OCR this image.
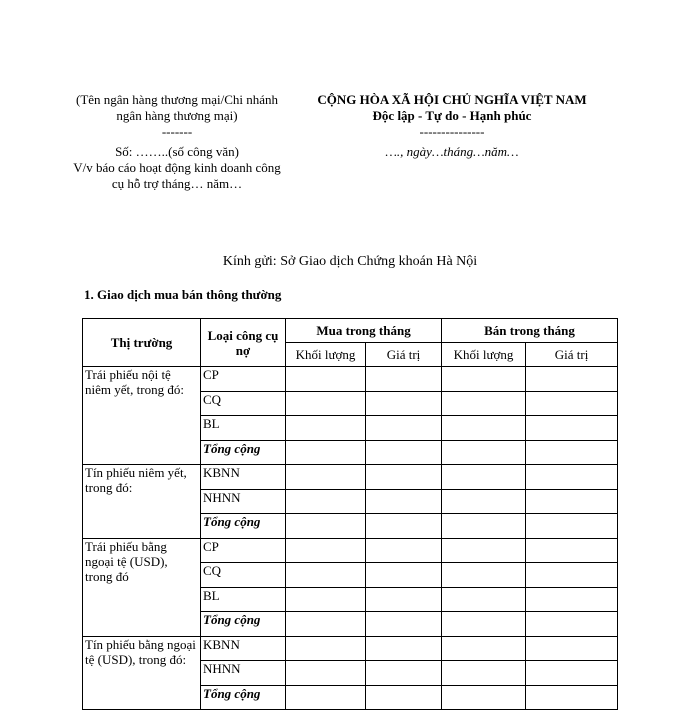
(Tên ngân hàng thương mại/Chi nhánh ngân hàng thương mại)
-------
Số: ……..(số công văn)
V/v báo cáo hoạt động kinh doanh công cụ hỗ trợ tháng… năm…
CỘNG HÒA XÃ HỘI CHỦ NGHĨA VIỆT NAM
Độc lập - Tự do - Hạnh phúc
---------------
…., ngày…tháng…năm…
Kính gửi: Sở Giao dịch Chứng khoán Hà Nội
1. Giao dịch mua bán thông thường
Thị trường	Loại công cụ nợ	Mua trong tháng		Bán trong tháng	
		Khối lượng	Giá trị	Khối lượng	Giá trị
Trái phiếu nội tệ niêm yết, trong đó:	CP				
	CQ				
	BL				
	Tổng cộng				
Tín phiếu niêm yết, trong đó:	KBNN				
	NHNN				
	Tổng cộng				
Trái phiếu bằng ngoại tệ (USD), trong đó	CP				
	CQ				
	BL				
	Tổng cộng				
Tín phiếu bằng ngoại tệ (USD), trong đó:	KBNN				
	NHNN				
	Tổng cộng				
